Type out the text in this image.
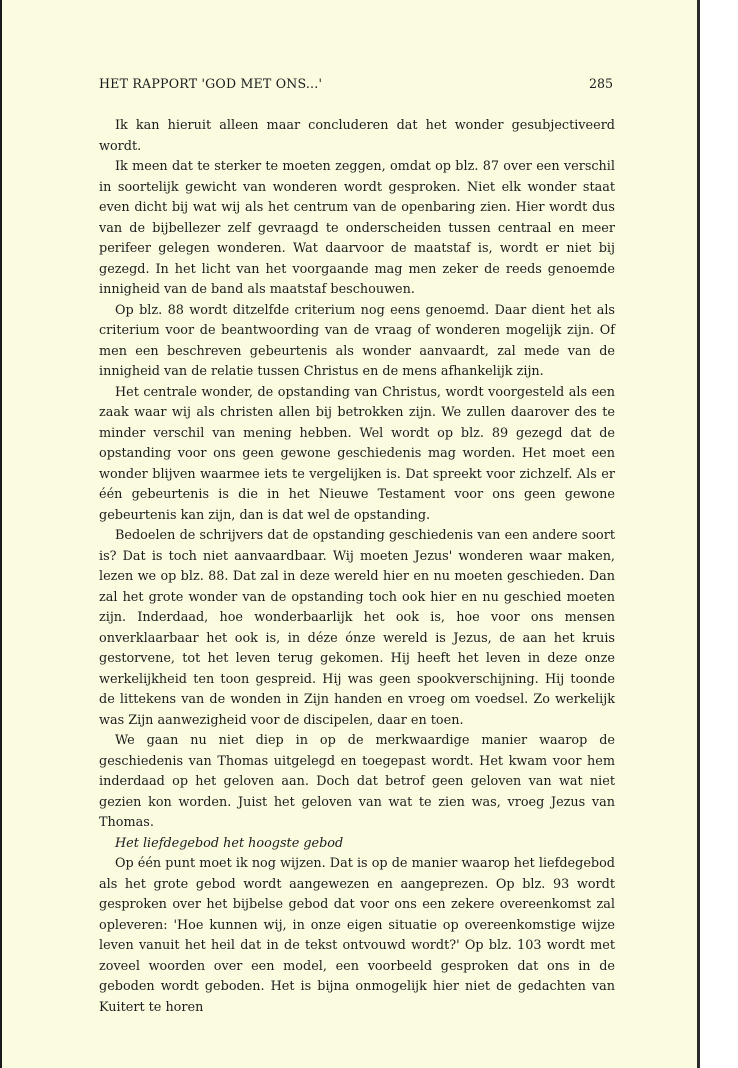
HET RAPPORT 'GOD MET ONS...'	285

Ik kan hieruit alleen maar concluderen dat het wonder gesubjectiveerd wordt.

Ik meen dat te sterker te moeten zeggen, omdat op blz. 87 over een verschil in soortelijk gewicht van wonderen wordt gesproken. Niet elk wonder staat even dicht bij wat wij als het centrum van de openbaring zien. Hier wordt dus van de bijbellezer zelf gevraagd te onderscheiden tussen centraal en meer perifeer gelegen wonderen. Wat daarvoor de maatstaf is, wordt er niet bij gezegd. In het licht van het voorgaande mag men zeker de reeds genoemde innigheid van de band als maatstaf beschouwen.

Op blz. 88 wordt ditzelfde criterium nog eens genoemd. Daar dient het als criterium voor de beantwoording van de vraag of wonderen mogelijk zijn. Of men een beschreven gebeurtenis als wonder aanvaardt, zal mede van de innigheid van de relatie tussen Christus en de mens afhankelijk zijn.

Het centrale wonder, de opstanding van Christus, wordt voorgesteld als een zaak waar wij als christen allen bij betrokken zijn. We zullen daarover des te minder verschil van mening hebben. Wel wordt op blz. 89 gezegd dat de opstanding voor ons geen gewone geschiedenis mag worden. Het moet een wonder blijven waarmee iets te vergelijken is. Dat spreekt voor zichzelf. Als er één gebeurtenis is die in het Nieuwe Testament voor ons geen gewone gebeurtenis kan zijn, dan is dat wel de opstanding.

Bedoelen de schrijvers dat de opstanding geschiedenis van een andere soort is? Dat is toch niet aanvaardbaar. Wij moeten Jezus' wonderen waar maken, lezen we op blz. 88. Dat zal in deze wereld hier en nu moeten geschieden. Dan zal het grote wonder van de opstanding toch ook hier en nu geschied moeten zijn. Inderdaad, hoe wonderbaarlijk het ook is, hoe voor ons mensen onverklaarbaar het ook is, in déze ónze wereld is Jezus, de aan het kruis gestorvene, tot het leven terug gekomen. Hij heeft het leven in deze onze werkelijkheid ten toon gespreid. Hij was geen spookverschijning. Hij toonde de littekens van de wonden in Zijn handen en vroeg om voedsel. Zo werkelijk was Zijn aanwezigheid voor de discipelen, daar en toen.

We gaan nu niet diep in op de merkwaardige manier waarop de geschiedenis van Thomas uitgelegd en toegepast wordt. Het kwam voor hem inderdaad op het geloven aan. Doch dat betrof geen geloven van wat niet gezien kon worden. Juist het geloven van wat te zien was, vroeg Jezus van Thomas.

Het liefdegebod het hoogste gebod

Op één punt moet ik nog wijzen. Dat is op de manier waarop het liefdegebod als het grote gebod wordt aangewezen en aangeprezen. Op blz. 93 wordt gesproken over het bijbelse gebod dat voor ons een zekere overeenkomst zal opleveren: 'Hoe kunnen wij, in onze eigen situatie op overeenkomstige wijze leven vanuit het heil dat in de tekst ontvouwd wordt?' Op blz. 103 wordt met zoveel woorden over een model, een voorbeeld gesproken dat ons in de geboden wordt geboden. Het is bijna onmogelijk hier niet de gedachten van Kuitert te horen
